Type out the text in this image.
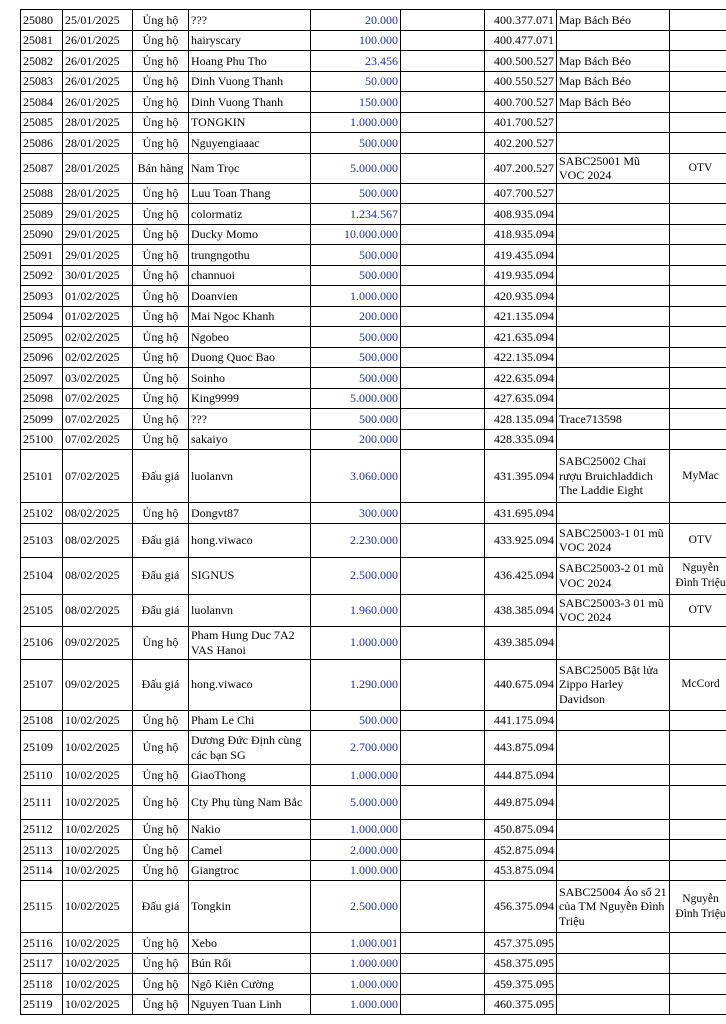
25080	25/01/2025	Ủng hộ	???	20.000		400.377.071	Map Bách Béo	
25081	26/01/2025	Ủng hộ	hairyscary	100.000		400.477.071		
25082	26/01/2025	Ủng hộ	Hoang Phu Tho	23.456		400.500.527	Map Bách Béo	
25083	26/01/2025	Ủng hộ	Dinh Vuong Thanh	50.000		400.550.527	Map Bách Béo	
25084	26/01/2025	Ủng hộ	Dinh Vuong Thanh	150.000		400.700.527	Map Bách Béo	
25085	28/01/2025	Ủng hộ	TONGKIN	1.000.000		401.700.527		
25086	28/01/2025	Ủng hộ	Nguyengiaaac	500.000		402.200.527		
25087	28/01/2025	Bán hàng	Nam Trọc	5.000.000		407.200.527	SABC25001 Mũ VOC 2024	OTV
25088	28/01/2025	Ủng hộ	Luu Toan Thang	500.000		407.700.527		
25089	29/01/2025	Ủng hộ	colormatiz	1.234.567		408.935.094		
25090	29/01/2025	Ủng hộ	Ducky Momo	10.000.000		418.935.094		
25091	29/01/2025	Ủng hộ	trungngothu	500.000		419.435.094		
25092	30/01/2025	Ủng hộ	channuoi	500.000		419.935.094		
25093	01/02/2025	Ủng hộ	Doanvien	1.000.000		420.935.094		
25094	01/02/2025	Ủng hộ	Mai Ngoc Khanh	200.000		421.135.094		
25095	02/02/2025	Ủng hộ	Ngobeo	500.000		421.635.094		
25096	02/02/2025	Ủng hộ	Duong Quoc Bao	500.000		422.135.094		
25097	03/02/2025	Ủng hộ	Soinho	500.000		422.635.094		
25098	07/02/2025	Ủng hộ	King9999	5.000.000		427.635.094		
25099	07/02/2025	Ủng hộ	???	500.000		428.135.094	Trace713598	
25100	07/02/2025	Ủng hộ	sakaiyo	200.000		428.335.094		
25101	07/02/2025	Đấu giá	luolanvn	3.060.000		431.395.094	SABC25002 Chai rượu Bruichladdich The Laddie Eight	MyMac
25102	08/02/2025	Ủng hộ	Dongvt87	300.000		431.695.094		
25103	08/02/2025	Đấu giá	hong.viwaco	2.230.000		433.925.094	SABC25003-1 01 mũ VOC 2024	OTV
25104	08/02/2025	Đấu giá	SIGNUS	2.500.000		436.425.094	SABC25003-2 01 mũ VOC 2024	Nguyễn Đình Triệu
25105	08/02/2025	Đấu giá	luolanvn	1.960.000		438.385.094	SABC25003-3 01 mũ VOC 2024	OTV
25106	09/02/2025	Ủng hộ	Pham Hung Duc 7A2 VAS Hanoi	1.000.000		439.385.094		
25107	09/02/2025	Đấu giá	hong.viwaco	1.290.000		440.675.094	SABC25005 Bật lửa Zippo Harley Davidson	McCord
25108	10/02/2025	Ủng hộ	Pham Le Chi	500.000		441.175.094		
25109	10/02/2025	Ủng hộ	Dương Đức Định cùng các bạn SG	2.700.000		443.875.094		
25110	10/02/2025	Ủng hộ	GiaoThong	1.000.000		444.875.094		
25111	10/02/2025	Ủng hộ	Cty Phụ tùng Nam Bắc	5.000.000		449.875.094		
25112	10/02/2025	Ủng hộ	Nakio	1.000.000		450.875.094		
25113	10/02/2025	Ủng hộ	Camel	2.000.000		452.875.094		
25114	10/02/2025	Ủng hộ	Giangtroc	1.000.000		453.875.094		
25115	10/02/2025	Đấu giá	Tongkin	2.500.000		456.375.094	SABC25004 Áo số 21 của TM Nguyễn Đình Triệu	Nguyễn Đình Triệu
25116	10/02/2025	Ủng hộ	Xebo	1.000.001		457.375.095		
25117	10/02/2025	Ủng hộ	Bún Rối	1.000.000		458.375.095		
25118	10/02/2025	Ủng hộ	Ngô Kiên Cường	1.000.000		459.375.095		
25119	10/02/2025	Ủng hộ	Nguyen Tuan Linh	1.000.000		460.375.095		
